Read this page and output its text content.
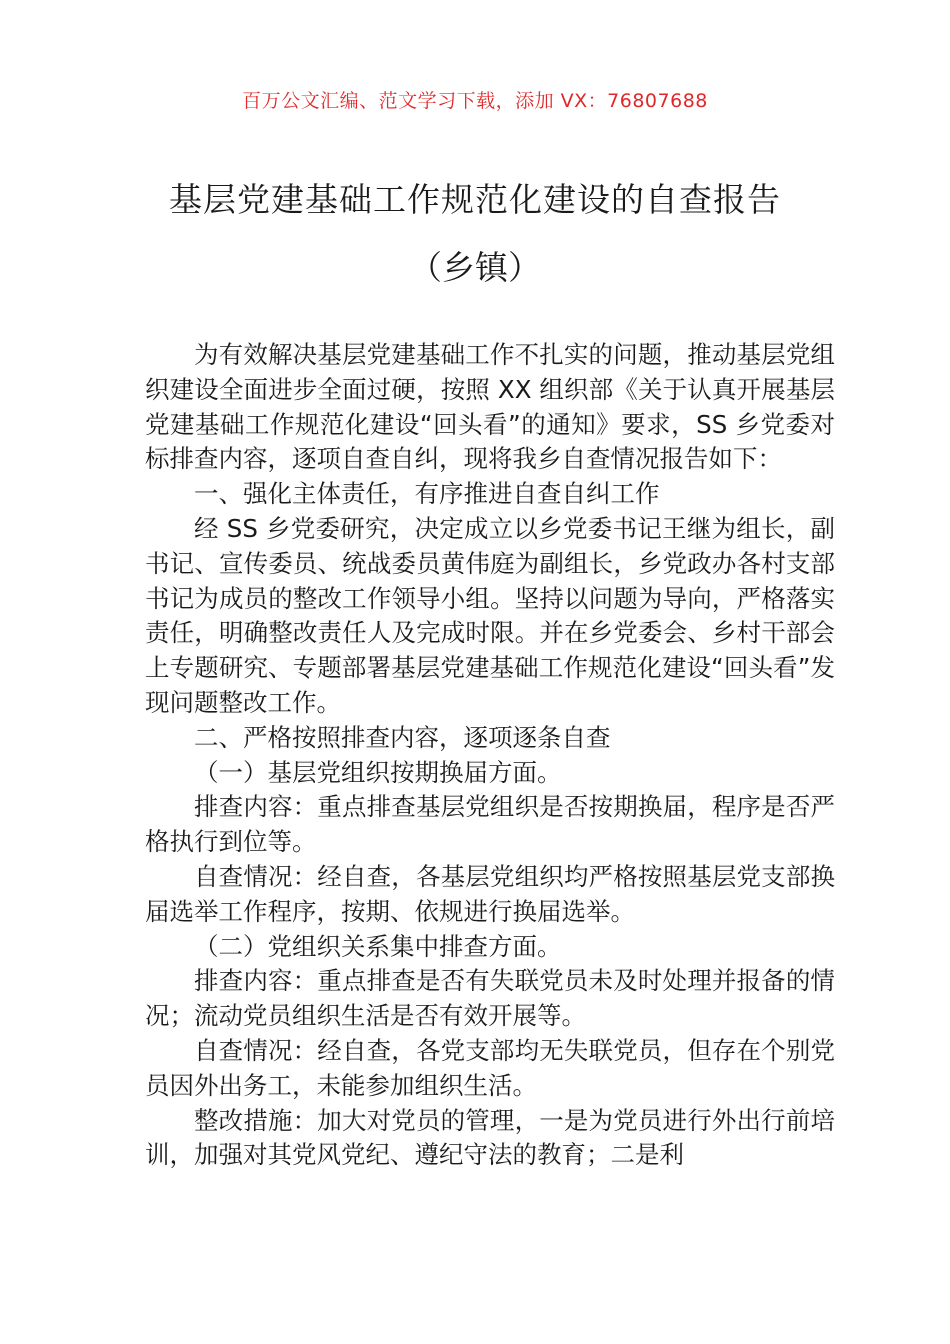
百万公文汇编、范文学习下载，添加 VX：76807688
基层党建基础工作规范化建设的自查报告
（乡镇）

为有效解决基层党建基础工作不扎实的问题，推动基层党组织建设全面进步全面过硬，按照 XX 组织部《关于认真开展基层党建基础工作规范化建设“回头看”的通知》要求，SS 乡党委对标排查内容，逐项自查自纠，现将我乡自查情况报告如下：

一、强化主体责任，有序推进自查自纠工作

经 SS 乡党委研究，决定成立以乡党委书记王继为组长，副书记、宣传委员、统战委员黄伟庭为副组长，乡党政办各村支部书记为成员的整改工作领导小组。坚持以问题为导向，严格落实责任，明确整改责任人及完成时限。并在乡党委会、乡村干部会上专题研究、专题部署基层党建基础工作规范化建设“回头看”发现问题整改工作。

二、严格按照排查内容，逐项逐条自查

（一）基层党组织按期换届方面。

排查内容：重点排查基层党组织是否按期换届，程序是否严格执行到位等。

自查情况：经自查，各基层党组织均严格按照基层党支部换届选举工作程序，按期、依规进行换届选举。

（二）党组织关系集中排查方面。

排查内容：重点排查是否有失联党员未及时处理并报备的情况；流动党员组织生活是否有效开展等。

自查情况：经自查，各党支部均无失联党员，但存在个别党员因外出务工，未能参加组织生活。

整改措施：加大对党员的管理，一是为党员进行外出行前培训，加强对其党风党纪、遵纪守法的教育；二是利
